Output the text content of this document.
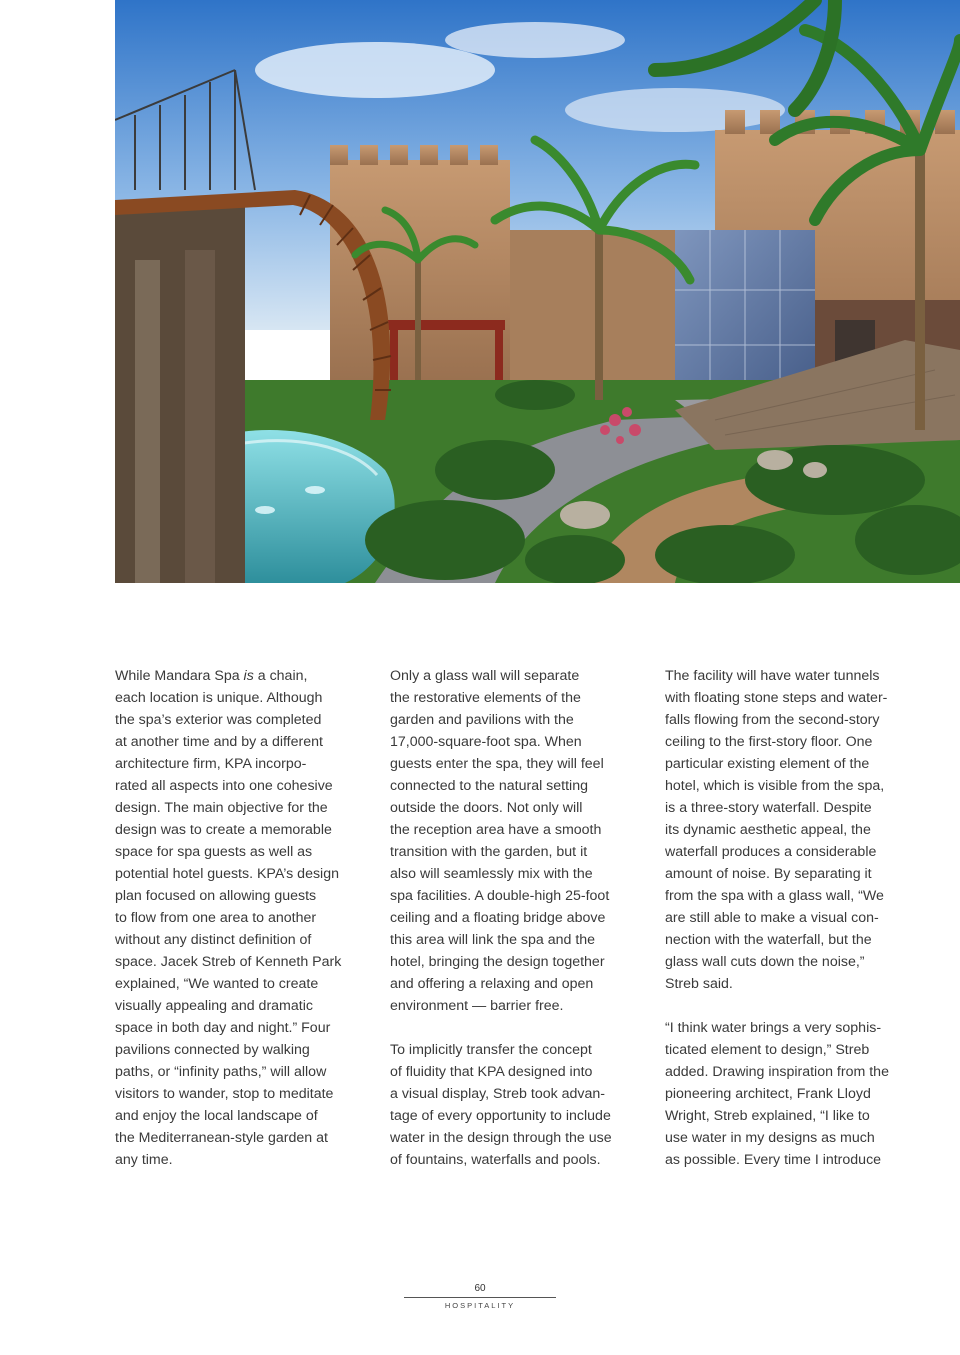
While Mandara Spa is a chain,
each location is unique. Although
the spa’s exterior was completed
at another time and by a different
architecture firm, KPA incorpo-
rated all aspects into one cohesive
design. The main objective for the
design was to create a memorable
space for spa guests as well as
potential hotel guests. KPA’s design
plan focused on allowing guests
to flow from one area to another
without any distinct definition of
space. Jacek Streb of Kenneth Park
explained, “We wanted to create
visually appealing and dramatic
space in both day and night.” Four
pavilions connected by walking
paths, or “infinity paths,” will allow
visitors to wander, stop to meditate
and enjoy the local landscape of
the Mediterranean-style garden at
any time.

Only a glass wall will separate
the restorative elements of the
garden and pavilions with the
17,000-square-foot spa. When
guests enter the spa, they will feel
connected to the natural setting
outside the doors. Not only will
the reception area have a smooth
transition with the garden, but it
also will seamlessly mix with the
spa facilities. A double-high 25-foot
ceiling and a floating bridge above
this area will link the spa and the
hotel, bringing the design together
and offering a relaxing and open
environment — barrier free.

To implicitly transfer the concept
of fluidity that KPA designed into
a visual display, Streb took advan-
tage of every opportunity to include
water in the design through the use
of fountains, waterfalls and pools.

The facility will have water tunnels
with floating stone steps and water-
falls flowing from the second-story
ceiling to the first-story floor. One
particular existing element of the
hotel, which is visible from the spa,
is a three-story waterfall. Despite
its dynamic aesthetic appeal, the
waterfall produces a considerable
amount of noise. By separating it
from the spa with a glass wall, “We
are still able to make a visual con-
nection with the waterfall, but the
glass wall cuts down the noise,”
Streb said.

“I think water brings a very sophis-
ticated element to design,” Streb
added. Drawing inspiration from the
pioneering architect, Frank Lloyd
Wright, Streb explained, “I like to
use water in my designs as much
as possible. Every time I introduce

60
HOSPITALITY
